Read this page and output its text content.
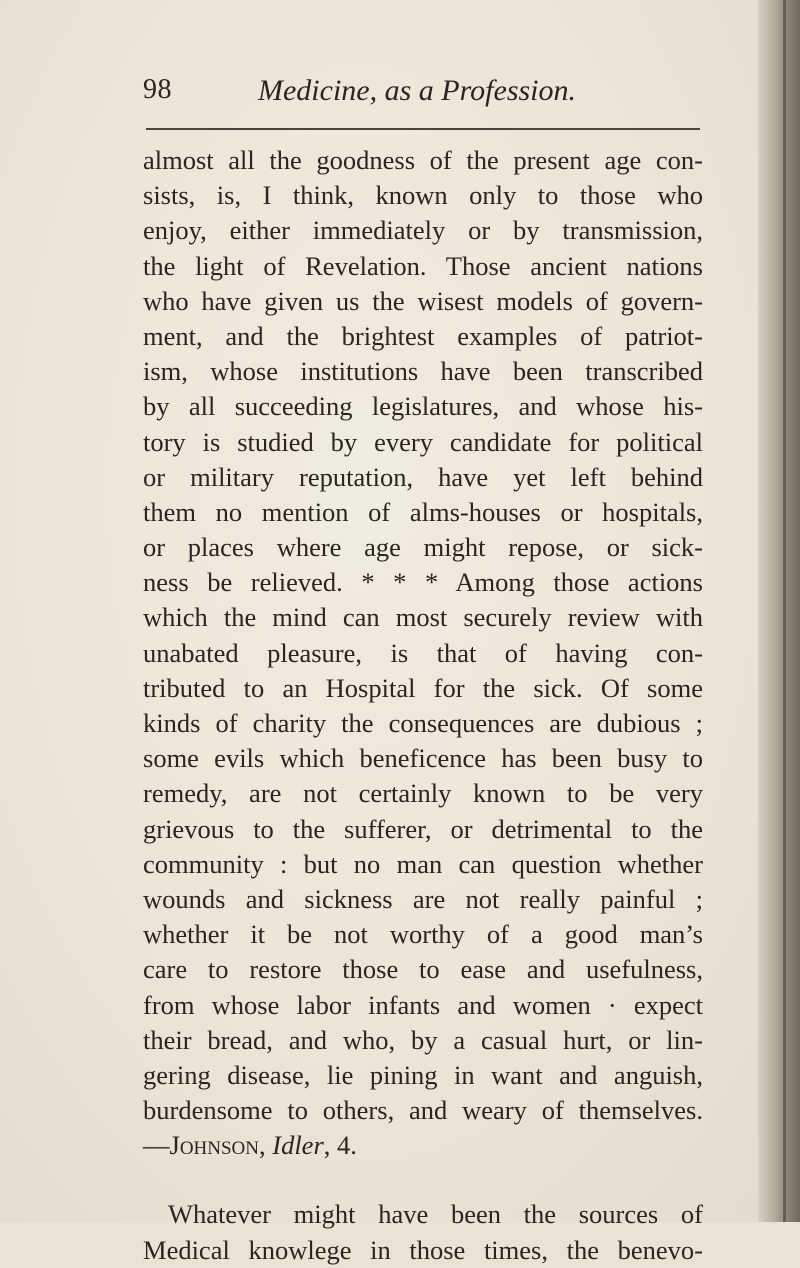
98	Medicine, as a Profession.
almost all the goodness of the present age con-
sists, is, I think, known only to those who
enjoy, either immediately or by transmission,
the light of Revelation. Those ancient nations
who have given us the wisest models of govern-
ment, and the brightest examples of patriot-
ism, whose institutions have been transcribed
by all succeeding legislatures, and whose his-
tory is studied by every candidate for political
or military reputation, have yet left behind
them no mention of alms-houses or hospitals,
or places where age might repose, or sick-
ness be relieved. * * * Among those actions
which the mind can most securely review with
unabated pleasure, is that of having con-
tributed to an Hospital for the sick. Of some
kinds of charity the consequences are dubious ;
some evils which beneficence has been busy to
remedy, are not certainly known to be very
grievous to the sufferer, or detrimental to the
community : but no man can question whether
wounds and sickness are not really painful ;
whether it be not worthy of a good man’s
care to restore those to ease and usefulness,
from whose labor infants and women · expect
their bread, and who, by a casual hurt, or lin-
gering disease, lie pining in want and anguish,
burdensome to others, and weary of themselves.
—Johnson, Idler, 4.
Whatever might have been the sources of
Medical knowlege in those times, the benevo-
